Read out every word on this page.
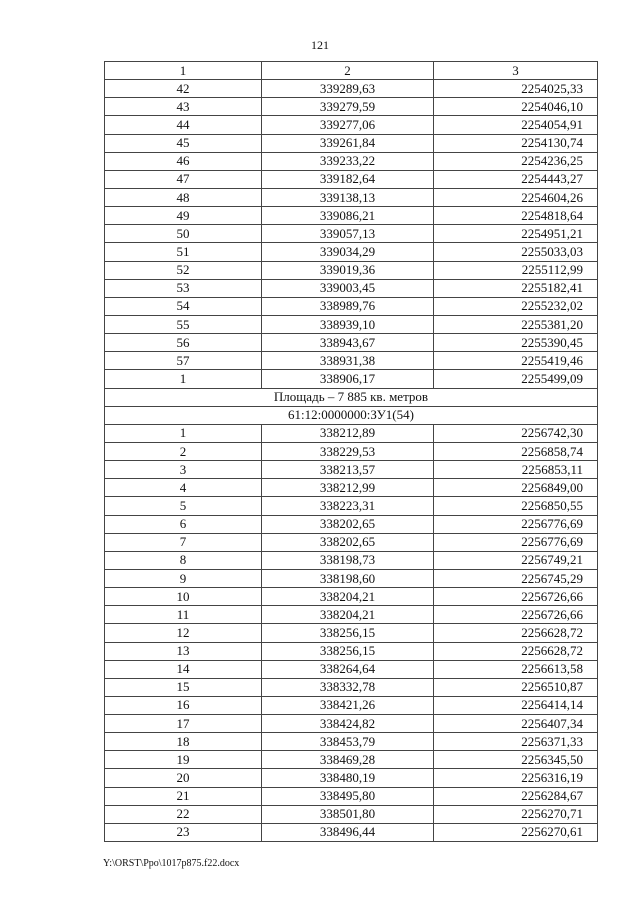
121
1	2	3
42	339289,63	2254025,33
43	339279,59	2254046,10
44	339277,06	2254054,91
45	339261,84	2254130,74
46	339233,22	2254236,25
47	339182,64	2254443,27
48	339138,13	2254604,26
49	339086,21	2254818,64
50	339057,13	2254951,21
51	339034,29	2255033,03
52	339019,36	2255112,99
53	339003,45	2255182,41
54	338989,76	2255232,02
55	338939,10	2255381,20
56	338943,67	2255390,45
57	338931,38	2255419,46
1	338906,17	2255499,09
Площадь – 7 885 кв. метров		
61:12:0000000:ЗУ1(54)		
1	338212,89	2256742,30
2	338229,53	2256858,74
3	338213,57	2256853,11
4	338212,99	2256849,00
5	338223,31	2256850,55
6	338202,65	2256776,69
7	338202,65	2256776,69
8	338198,73	2256749,21
9	338198,60	2256745,29
10	338204,21	2256726,66
11	338204,21	2256726,66
12	338256,15	2256628,72
13	338256,15	2256628,72
14	338264,64	2256613,58
15	338332,78	2256510,87
16	338421,26	2256414,14
17	338424,82	2256407,34
18	338453,79	2256371,33
19	338469,28	2256345,50
20	338480,19	2256316,19
21	338495,80	2256284,67
22	338501,80	2256270,71
23	338496,44	2256270,61
Y:\ORST\Ppo\1017p875.f22.docx
